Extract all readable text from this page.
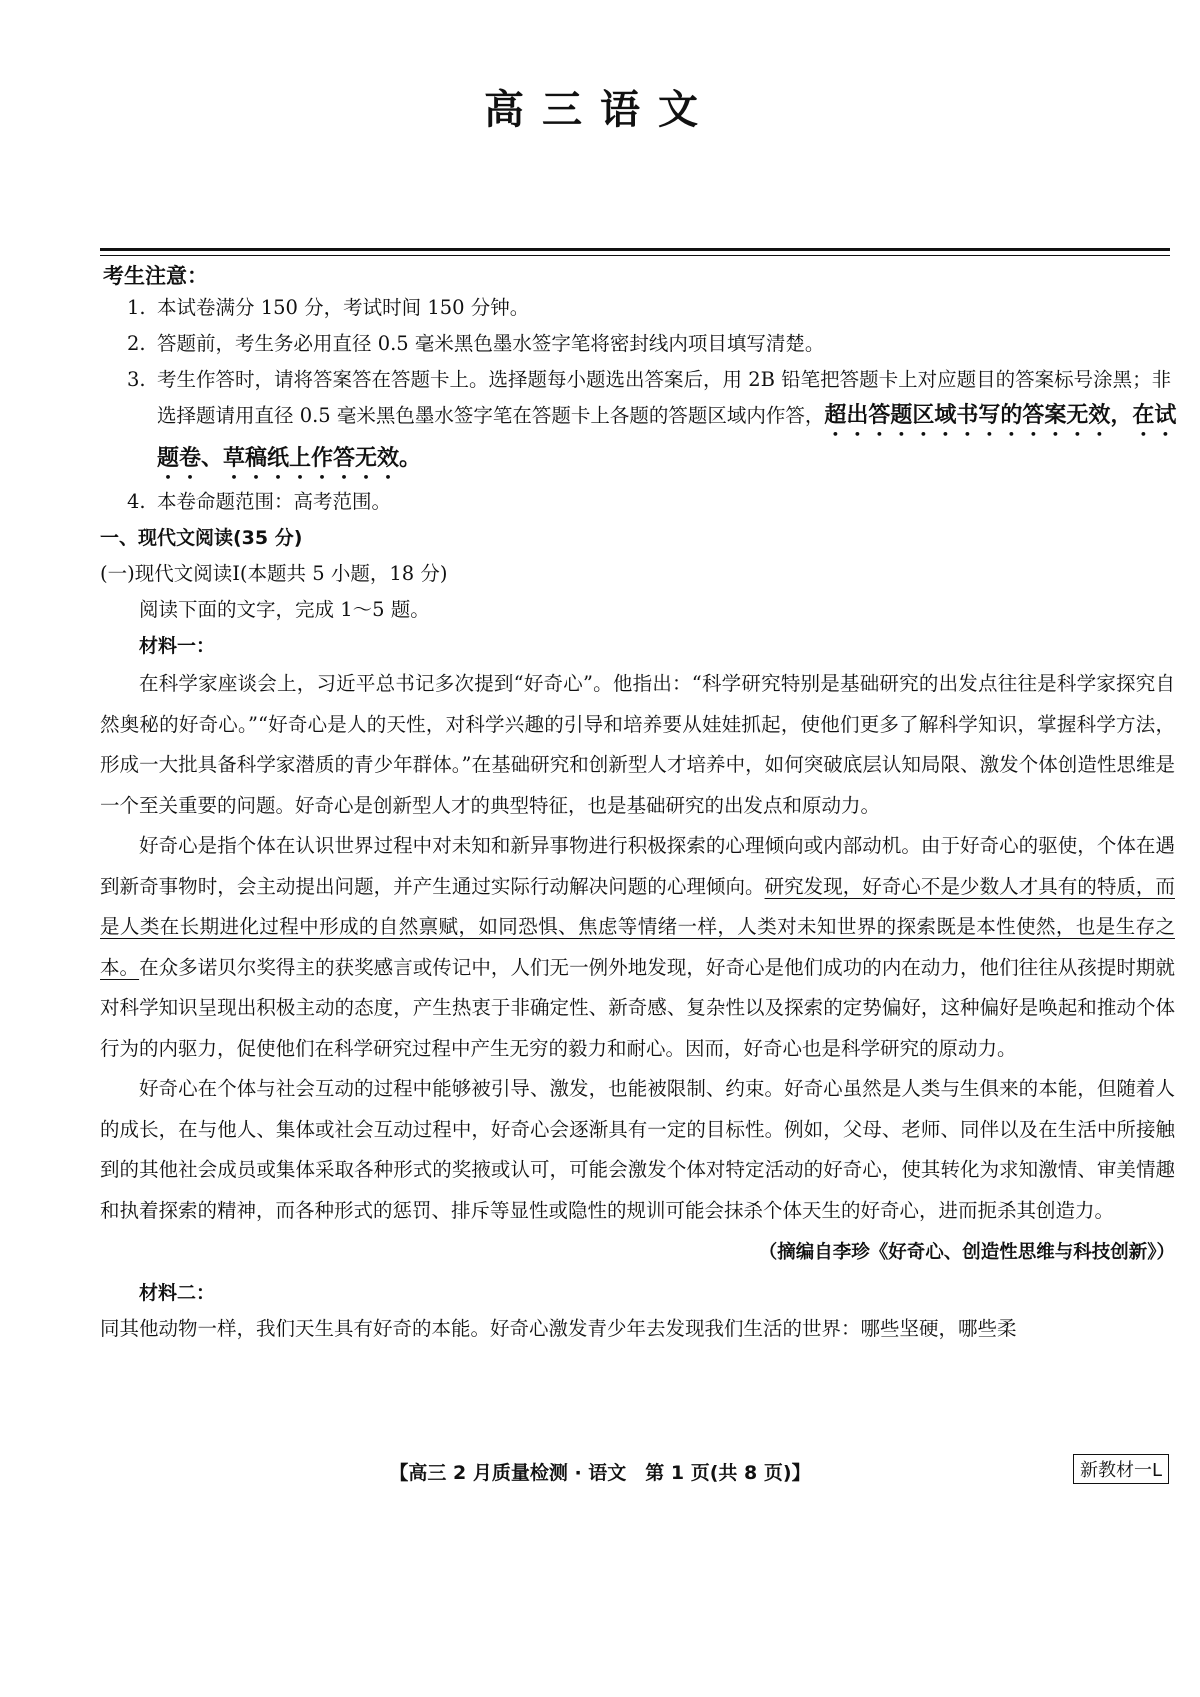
高三语文

考生注意：

1. 本试卷满分 150 分，考试时间 150 分钟。

2. 答题前，考生务必用直径 0.5 毫米黑色墨水签字笔将密封线内项目填写清楚。

3. 考生作答时，请将答案答在答题卡上。选择题每小题选出答案后，用 2B 铅笔把答题卡上对应题目的答案标号涂黑；非选择题请用直径 0.5 毫米黑色墨水签字笔在答题卡上各题的答题区域内作答，超出答题区域书写的答案无效，在试题卷、草稿纸上作答无效。

4. 本卷命题范围：高考范围。

一、现代文阅读(35 分)

(一)现代文阅读Ⅰ(本题共 5 小题，18 分)

阅读下面的文字，完成 1～5 题。

材料一：

在科学家座谈会上，习近平总书记多次提到“好奇心”。他指出：“科学研究特别是基础研究的出发点往往是科学家探究自然奥秘的好奇心。”“好奇心是人的天性，对科学兴趣的引导和培养要从娃娃抓起，使他们更多了解科学知识，掌握科学方法，形成一大批具备科学家潜质的青少年群体。”在基础研究和创新型人才培养中，如何突破底层认知局限、激发个体创造性思维是一个至关重要的问题。好奇心是创新型人才的典型特征，也是基础研究的出发点和原动力。

好奇心是指个体在认识世界过程中对未知和新异事物进行积极探索的心理倾向或内部动机。由于好奇心的驱使，个体在遇到新奇事物时，会主动提出问题，并产生通过实际行动解决问题的心理倾向。研究发现，好奇心不是少数人才具有的特质，而是人类在长期进化过程中形成的自然禀赋，如同恐惧、焦虑等情绪一样，人类对未知世界的探索既是本性使然，也是生存之本。在众多诺贝尔奖得主的获奖感言或传记中，人们无一例外地发现，好奇心是他们成功的内在动力，他们往往从孩提时期就对科学知识呈现出积极主动的态度，产生热衷于非确定性、新奇感、复杂性以及探索的定势偏好，这种偏好是唤起和推动个体行为的内驱力，促使他们在科学研究过程中产生无穷的毅力和耐心。因而，好奇心也是科学研究的原动力。

好奇心在个体与社会互动的过程中能够被引导、激发，也能被限制、约束。好奇心虽然是人类与生俱来的本能，但随着人的成长，在与他人、集体或社会互动过程中，好奇心会逐渐具有一定的目标性。例如，父母、老师、同伴以及在生活中所接触到的其他社会成员或集体采取各种形式的奖掖或认可，可能会激发个体对特定活动的好奇心，使其转化为求知激情、审美情趣和执着探索的精神，而各种形式的惩罚、排斥等显性或隐性的规训可能会抹杀个体天生的好奇心，进而扼杀其创造力。

（摘编自李珍《好奇心、创造性思维与科技创新》）

材料二：

同其他动物一样，我们天生具有好奇的本能。好奇心激发青少年去发现我们生活的世界：哪些坚硬，哪些柔

【高三 2 月质量检测 · 语文　第 1 页(共 8 页)】	新教材一L
